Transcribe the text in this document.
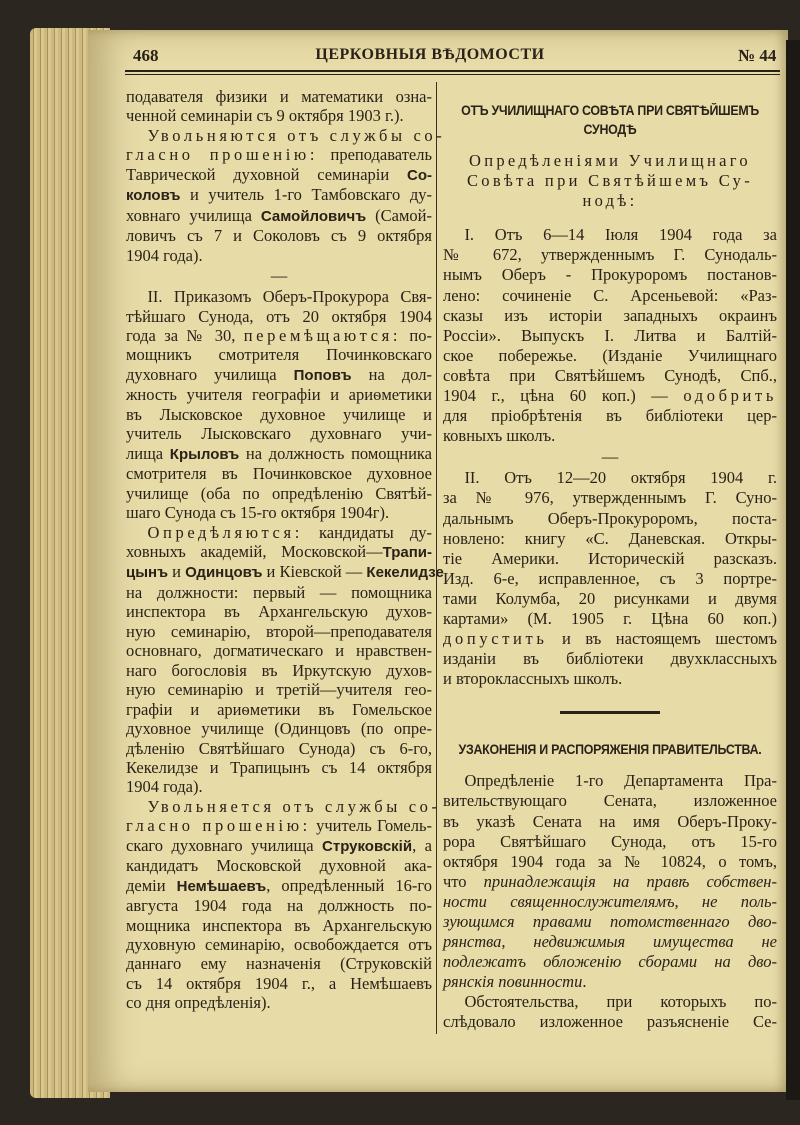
468	ЦЕРКОВНЫЯ ВѢДОМОСТИ	№ 44
подавателя физики и математики озна-
ченной семинаріи съ 9 октября 1903 г.).
Увольняются отъ службы со-
гласно прошенію: преподаватель
Таврической духовной семинаріи Со-
коловъ и учитель 1-го Тамбовскаго ду-
ховнаго училища Самойловичъ (Самой-
ловичъ съ 7 и Соколовъ съ 9 октября
1904 года).
—
II. Приказомъ Оберъ-Прокурора Свя-
тѣйшаго Сунода, отъ 20 октября 1904
года за № 30, перемѣщаются: по-
мощникъ смотрителя Починковскаго
духовнаго училища Поповъ на дол-
жность учителя географіи и ариѳметики
въ Лысковское духовное училище и
учитель Лысковскаго духовнаго учи-
лища Крыловъ на должность помощника
смотрителя въ Починковское духовное
училище (оба по опредѣленію Святѣй-
шаго Сунода съ 15-го октября 1904г).
Опредѣляются: кандидаты ду-
ховныхъ академій, Московской—Трапи-
цынъ и Одинцовъ и Кіевской — Кекелидзе
на должности: первый — помощника
инспектора въ Архангельскую духов-
ную семинарію, второй—преподавателя
основнаго, догматическаго и нравствен-
наго богословія въ Иркутскую духов-
ную семинарію и третій—учителя гео-
графіи и ариѳметики въ Гомельское
духовное училище (Одинцовъ (по опре-
дѣленію Святѣйшаго Сунода) съ 6-го,
Кекелидзе и Трапицынъ съ 14 октября
1904 года).
Увольняется отъ службы со-
гласно прошенію: учитель Гомель-
скаго духовнаго училища Струковскій, а
кандидатъ Московской духовной ака-
деміи Немѣшаевъ, опредѣленный 16-го
августа 1904 года на должность по-
мощника инспектора въ Архангельскую
духовную семинарію, освобождается отъ
даннаго ему назначенія (Струковскій
съ 14 октября 1904 г., а Немѣшаевъ
со дня опредѣленія).
ОТЪ УЧИЛИЩНАГО СОВѢТА ПРИ СВЯТѢЙШЕМЪ
СУНОДѢ
Опредѣленіями Училищнаго
Совѣта при Святѣйшемъ Су-
нодѣ:
I. Отъ 6—14 Іюля 1904 года за
№ 672, утвержденнымъ Г. Сунодаль-
нымъ Оберъ - Прокуроромъ постанов-
лено: сочиненіе С. Арсеньевой: «Раз-
сказы изъ исторіи западныхъ окраинъ
Россіи». Выпускъ I. Литва и Балтій-
ское побережье. (Изданіе Училищнаго
совѣта при Святѣйшемъ Сунодѣ, Спб.,
1904 г., цѣна 60 коп.) — одобрить
для пріобрѣтенія въ библіотеки цер-
ковныхъ школъ.
—
II. Отъ 12—20 октября 1904 г.
за № 976, утвержденнымъ Г. Суно-
дальнымъ Оберъ-Прокуроромъ, поста-
новлено: книгу «С. Даневская. Откры-
тіе Америки. Историческій разсказъ.
Изд. 6-е, исправленное, съ 3 портре-
тами Колумба, 20 рисунками и двумя
картами» (М. 1905 г. Цѣна 60 коп.)
допустить и въ настоящемъ шестомъ
изданіи въ библіотеки двухклассныхъ
и второклассныхъ школъ.
УЗАКОНЕНІЯ И РАСПОРЯЖЕНІЯ ПРАВИТЕЛЬСТВА.
Опредѣленіе 1-го Департамента Пра-
вительствующаго Сената, изложенное
въ указѣ Сената на имя Оберъ-Проку-
рора Святѣйшаго Сунода, отъ 15-го
октября 1904 года за № 10824, о томъ,
что принадлежащія на правѣ собствен-
ности священнослужителямъ, не поль-
зующимся правами потомственнаго дво-
рянства, недвижимыя имущества не
подлежатъ обложенію сборами на дво-
рянскія повинности.
Обстоятельства, при которыхъ по-
слѣдовало изложенное разъясненіе Се-
